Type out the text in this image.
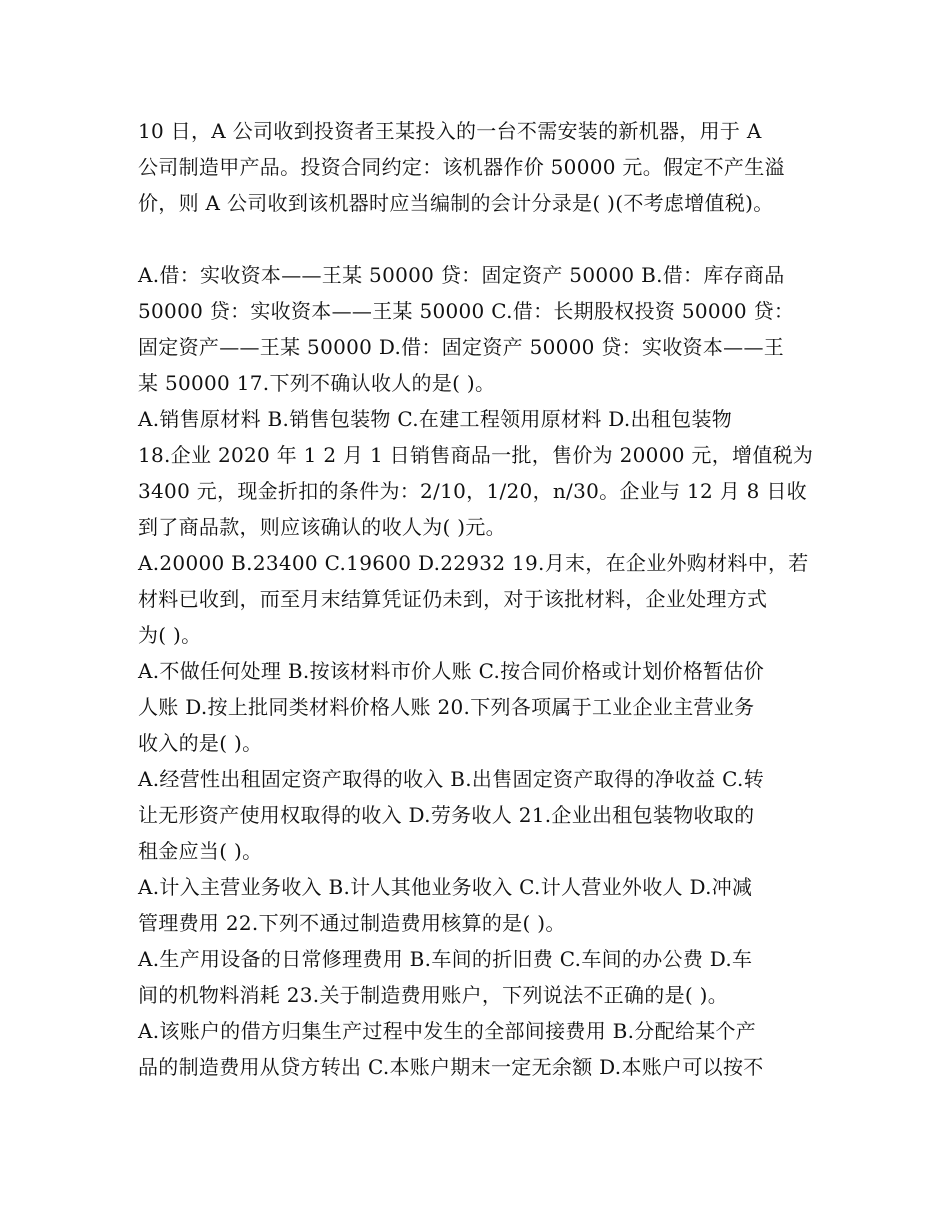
10 日，A 公司收到投资者王某投入的一台不需安装的新机器，用于 A
公司制造甲产品。投资合同约定：该机器作价 50000 元。假定不产生溢
价，则 A 公司收到该机器时应当编制的会计分录是( )(不考虑增值税)。
A.借：实收资本——王某 50000 贷：固定资产 50000 B.借：库存商品
50000 贷：实收资本——王某 50000 C.借：长期股权投资 50000 贷：
固定资产——王某 50000 D.借：固定资产 50000 贷：实收资本——王
某 50000 17.下列不确认收人的是( )。
A.销售原材料 B.销售包装物 C.在建工程领用原材料 D.出租包装物
18.企业 2020 年 1 2 月 1 日销售商品一批，售价为 20000 元，增值税为
3400 元，现金折扣的条件为：2/10，1/20，n/30。企业与 12 月 8 日收
到了商品款，则应该确认的收人为( )元。
A.20000 B.23400 C.19600 D.22932 19.月末，在企业外购材料中，若
材料已收到，而至月末结算凭证仍未到，对于该批材料，企业处理方式
为( )。
A.不做任何处理 B.按该材料市价人账 C.按合同价格或计划价格暂估价
人账 D.按上批同类材料价格人账 20.下列各项属于工业企业主营业务
收入的是( )。
A.经营性出租固定资产取得的收入 B.出售固定资产取得的净收益 C.转
让无形资产使用权取得的收入 D.劳务收人 21.企业出租包装物收取的
租金应当( )。
A.计入主营业务收入 B.计人其他业务收入 C.计人营业外收人 D.冲减
管理费用 22.下列不通过制造费用核算的是( )。
A.生产用设备的日常修理费用 B.车间的折旧费 C.车间的办公费 D.车
间的机物料消耗 23.关于制造费用账户，下列说法不正确的是( )。
A.该账户的借方归集生产过程中发生的全部间接费用 B.分配给某个产
品的制造费用从贷方转出 C.本账户期末一定无余额 D.本账户可以按不
